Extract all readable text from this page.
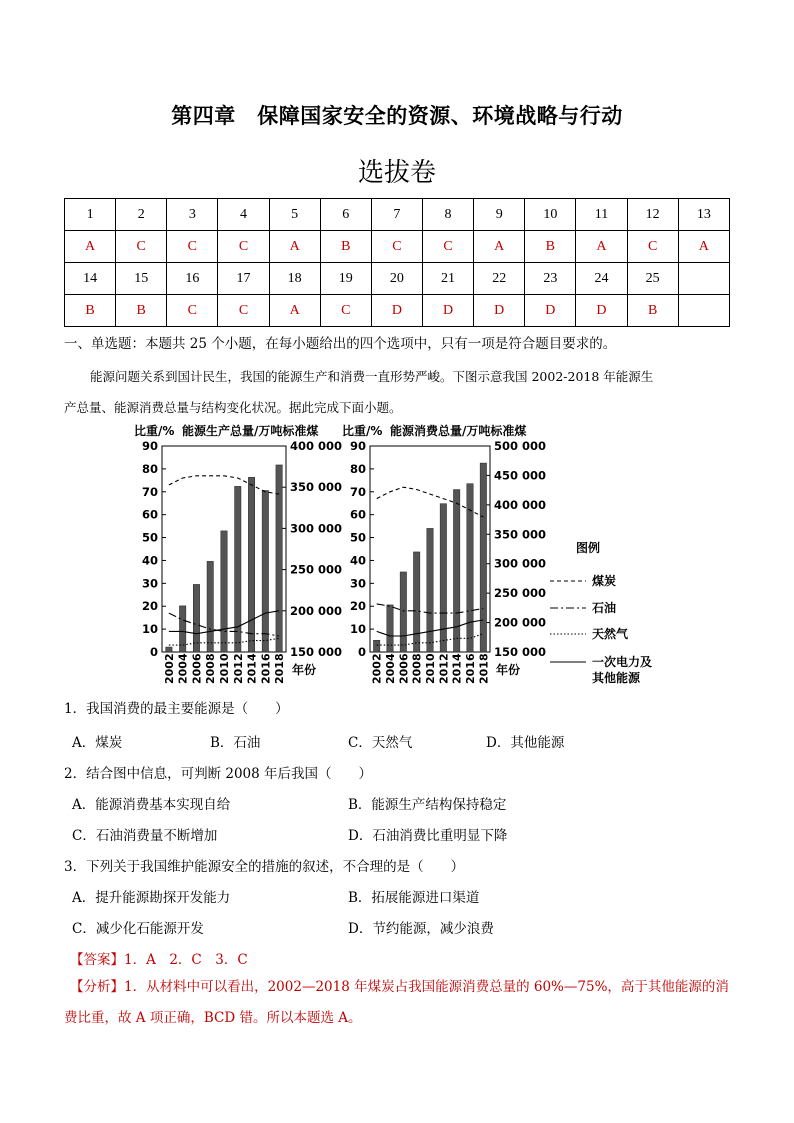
第四章　保障国家安全的资源、环境战略与行动
选拔卷
1	2	3	4	5	6	7	8	9	10	11	12	13
A	C	C	C	A	B	C	C	A	B	A	C	A
14	15	16	17	18	19	20	21	22	23	24	25	
B	B	C	C	A	C	D	D	D	D	D	B	
一、单选题：本题共 25 个小题，在每小题给出的四个选项中，只有一项是符合题目要求的。
能源问题关系到国计民生，我国的能源生产和消费一直形势严峻。下图示意我国 2002-2018 年能源生
产总量、能源消费总量与结构变化状况。据此完成下面小题。
比重/% 能源生产总量/万吨标准煤
90
80
70
60
50
40
30
20
10
0
400 000
350 000
300 000
250 000
200 000
150 000
2002 2004 2006 2008 2010 2012 2014 2016 2018 年份
比重/% 能源消费总量/万吨标准煤
90
80
70
60
50
40
30
20
10
0
500 000
450 000
400 000
350 000
300 000
250 000
200 000
150 000
2002 2004 2006 2008 2010 2012 2014 2016 2018 年份
图例
煤炭
石油
天然气
一次电力及
其他能源
1．我国消费的最主要能源是（　　）
A．煤炭	B．石油	C．天然气	D．其他能源
2．结合图中信息，可判断 2008 年后我国（　　）
A．能源消费基本实现自给	B．能源生产结构保持稳定
C．石油消费量不断增加	D．石油消费比重明显下降
3．下列关于我国维护能源安全的措施的叙述，不合理的是（　　）
A．提升能源勘探开发能力	B．拓展能源进口渠道
C．减少化石能源开发	D．节约能源，减少浪费
【答案】1．A　2．C　3．C
【分析】1．从材料中可以看出，2002—2018 年煤炭占我国能源消费总量的 60%—75%，高于其他能源的消
费比重，故 A 项正确，BCD 错。所以本题选 A。
